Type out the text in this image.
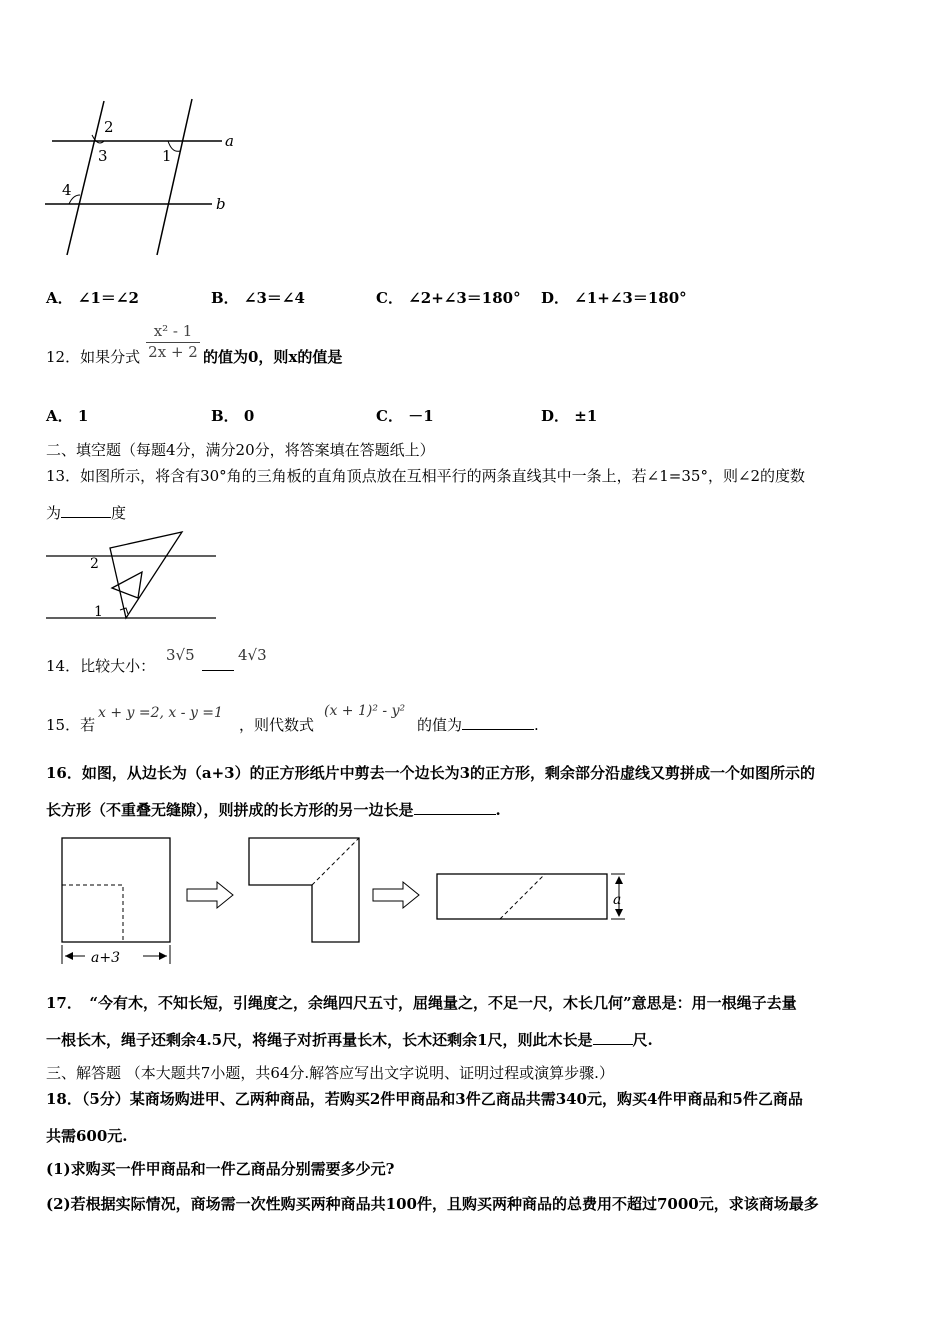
a
b
2
3	1
4
A． ∠1＝∠2	B． ∠3＝∠4	C． ∠2+∠3＝180° D． ∠1+∠3＝180°
12．如果分式 $\frac{\text{x² - 1}}{2x + 2}$ 的值为0，则x的值是
A． 1	B． 0	C． －1	D． ±1
二、填空题（每题4分，满分20分，将答案填在答题纸上）
13．如图所示，将含有30°角的三角板的直角顶点放在互相平行的两条直线其中一条上，若∠1=35°，则∠2的度数
为	度
2
1
14．比较大小：
3√5	4√3
15．若
x + y =2, x - y =1
，则代数式
(x + 1)² - y²
的值为	.
16．如图，从边长为（a+3）的正方形纸片中剪去一个边长为3的正方形，剩余部分沿虚线又剪拼成一个如图所示的
长方形（不重叠无缝隙），则拼成的长方形的另一边长是	.
a+3
a
17．　“今有木，不知长短，引绳度之，余绳四尺五寸，屈绳量之，不足一尺，木长几何”意思是：用一根绳子去量
一根长木，绳子还剩余4.5尺，将绳子对折再量长木，长木还剩余1尺，则此木长是	尺.
三、解答题 （本大题共7小题，共64分.解答应写出文字说明、证明过程或演算步骤.）
18．（5分）某商场购进甲、乙两种商品，若购买2件甲商品和3件乙商品共需340元，购买4件甲商品和5件乙商品
共需600元.
(1)求购买一件甲商品和一件乙商品分别需要多少元?
(2)若根据实际情况，商场需一次性购买两种商品共100件，且购买两种商品的总费用不超过7000元，求该商场最多
